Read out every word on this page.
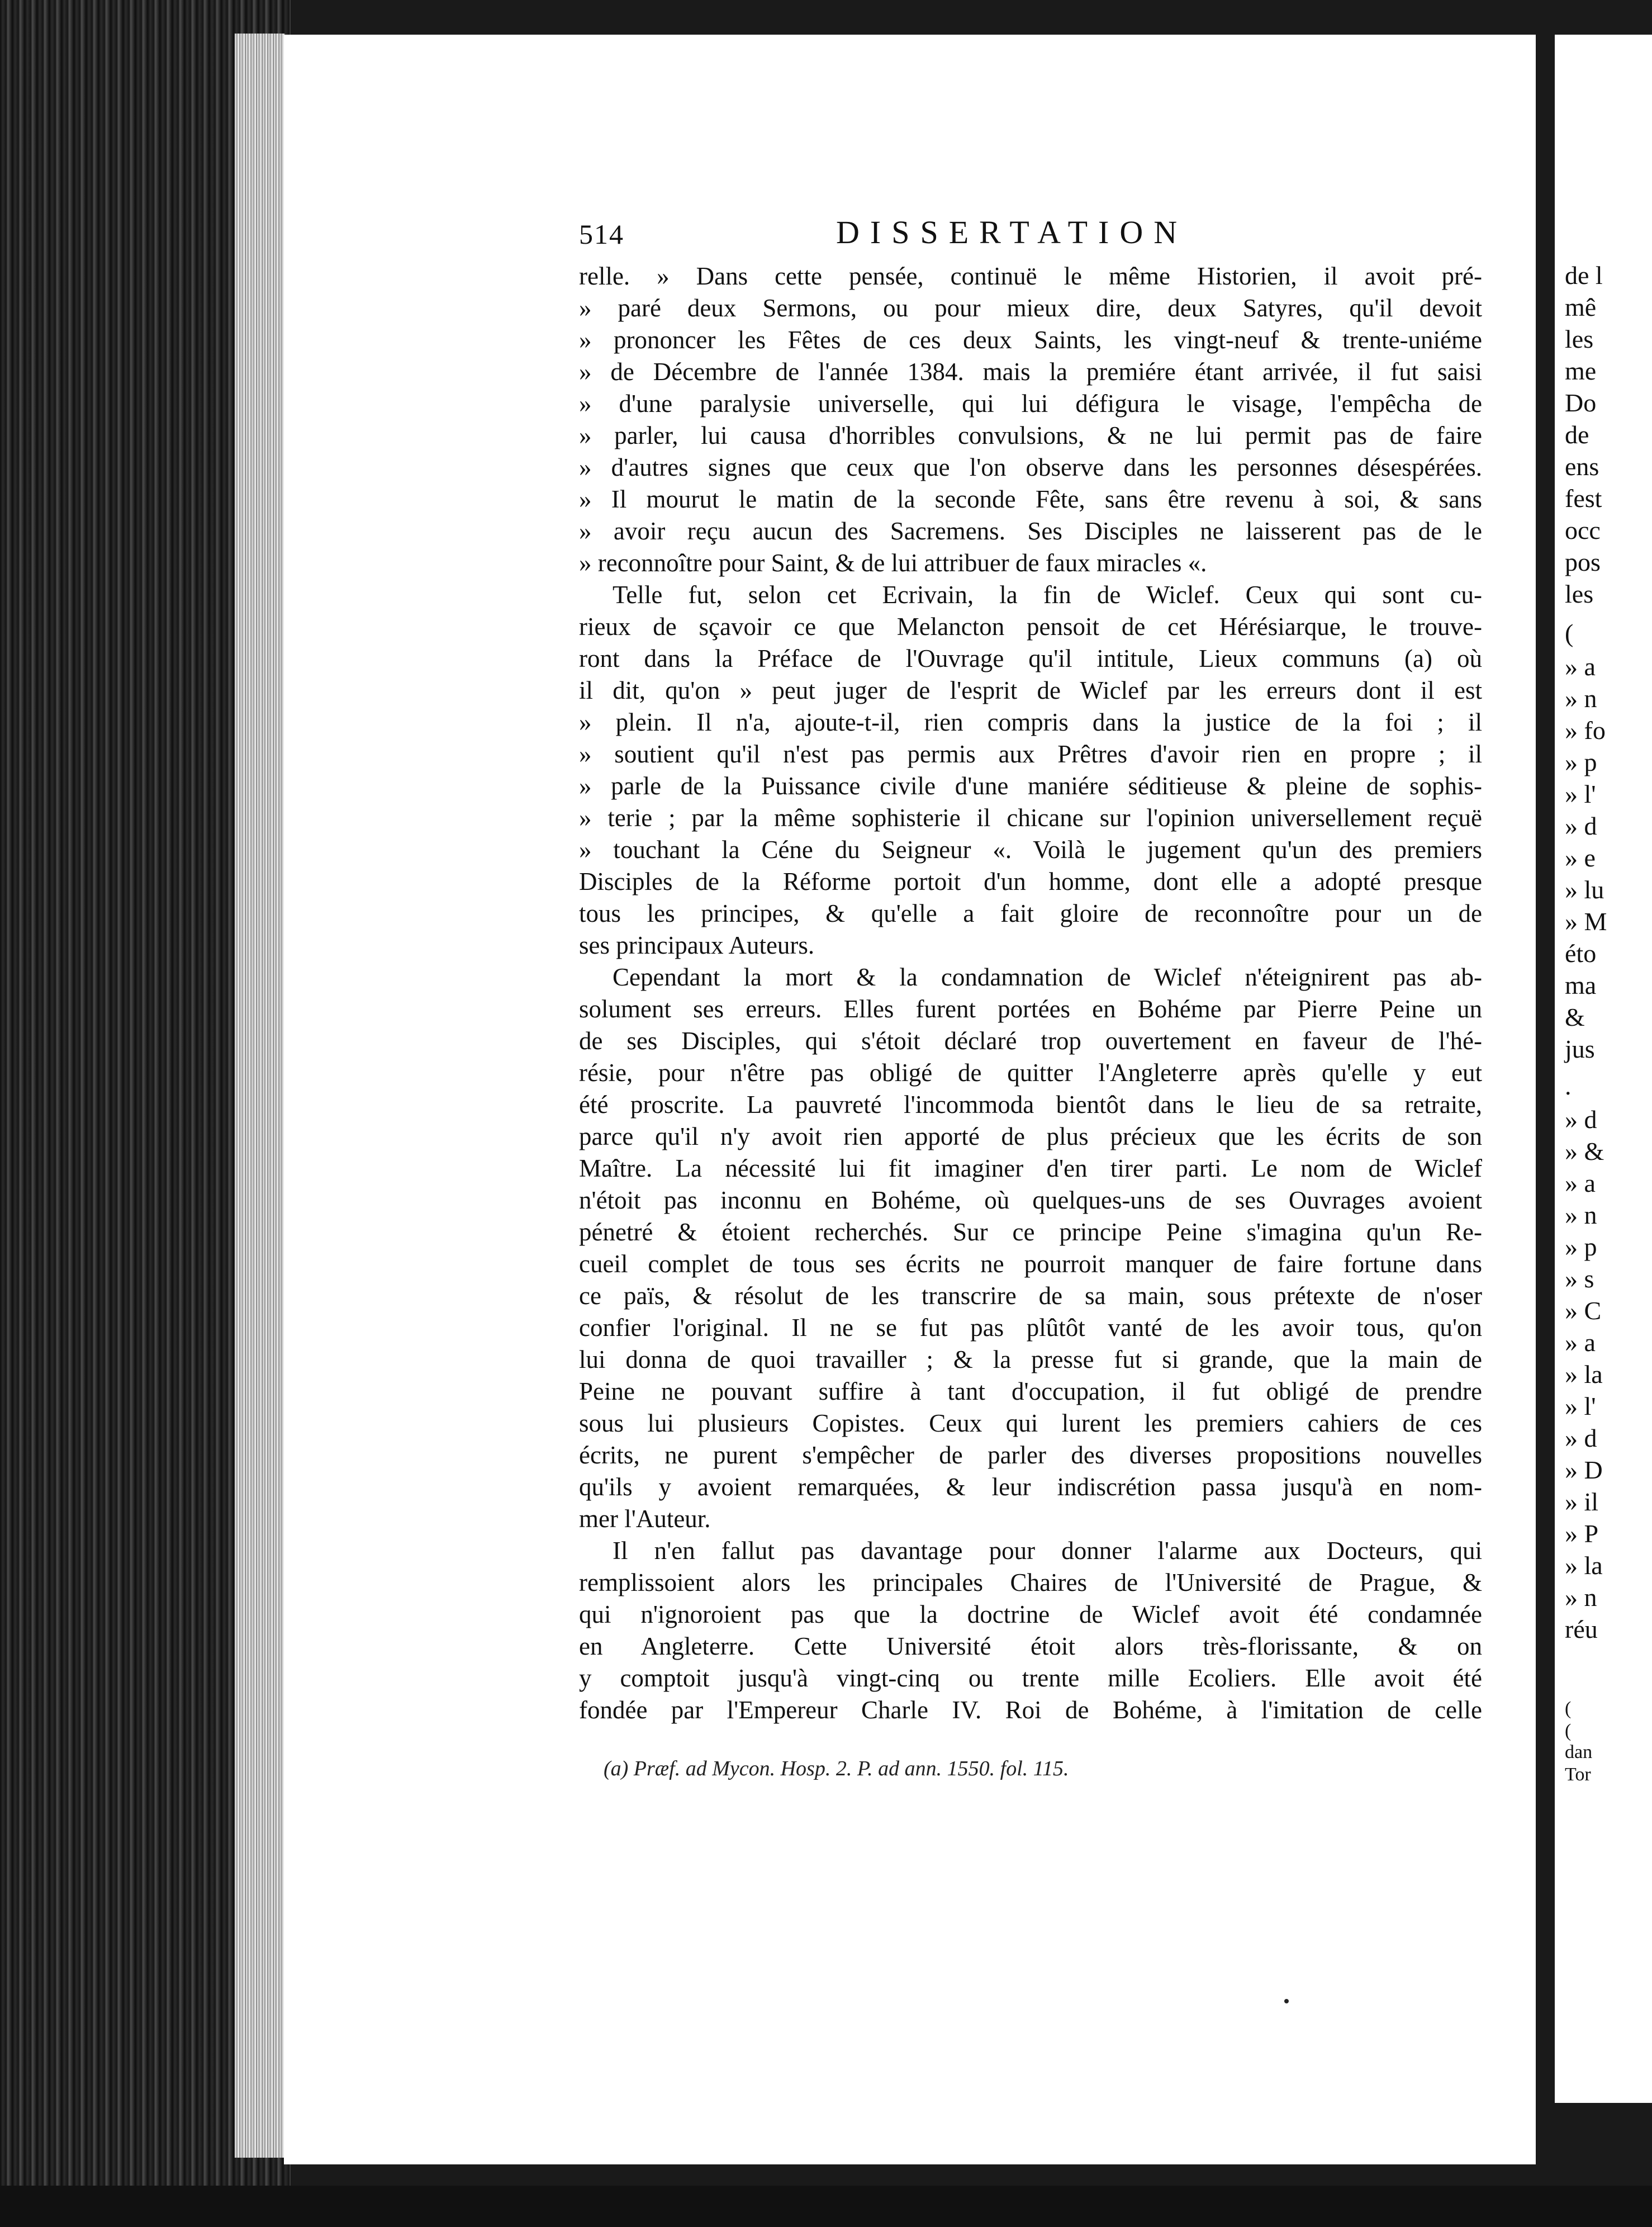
de l
mê
les
me
Do
de
ens
fest
occ
pos
les
(
» a
» n
» fo
» p
» l'
» d
» e
» lu
» M
éto
ma
&
jus
.
» d
» &
» a
» n
» p
» s
» C
» a
» la
» l'
» d
» D
» il
» P
» la
» n
réu
(
(
dan
Tor
514	DISSERTATION
relle. » Dans cette pensée, continuë le même Historien, il avoit pré-
» paré deux Sermons, ou pour mieux dire, deux Satyres, qu'il devoit
» prononcer les Fêtes de ces deux Saints, les vingt-neuf & trente-uniéme
» de Décembre de l'année 1384. mais la premiére étant arrivée, il fut saisi
» d'une paralysie universelle, qui lui défigura le visage, l'empêcha de
» parler, lui causa d'horribles convulsions, & ne lui permit pas de faire
» d'autres signes que ceux que l'on observe dans les personnes désespérées.
» Il mourut le matin de la seconde Fête, sans être revenu à soi, & sans
» avoir reçu aucun des Sacremens. Ses Disciples ne laisserent pas de le
» reconnoître pour Saint, & de lui attribuer de faux miracles «.
Telle fut, selon cet Ecrivain, la fin de Wiclef. Ceux qui sont cu-
rieux de sçavoir ce que Melancton pensoit de cet Hérésiarque, le trouve-
ront dans la Préface de l'Ouvrage qu'il intitule, Lieux communs (a) où
il dit, qu'on » peut juger de l'esprit de Wiclef par les erreurs dont il est
» plein. Il n'a, ajoute-t-il, rien compris dans la justice de la foi ; il
» soutient qu'il n'est pas permis aux Prêtres d'avoir rien en propre ; il
» parle de la Puissance civile d'une maniére séditieuse & pleine de sophis-
» terie ; par la même sophisterie il chicane sur l'opinion universellement reçuë
» touchant la Céne du Seigneur «. Voilà le jugement qu'un des premiers
Disciples de la Réforme portoit d'un homme, dont elle a adopté presque
tous les principes, & qu'elle a fait gloire de reconnoître pour un de
ses principaux Auteurs.
Cependant la mort & la condamnation de Wiclef n'éteignirent pas ab-
solument ses erreurs. Elles furent portées en Bohéme par Pierre Peine un
de ses Disciples, qui s'étoit déclaré trop ouvertement en faveur de l'hé-
résie, pour n'être pas obligé de quitter l'Angleterre après qu'elle y eut
été proscrite. La pauvreté l'incommoda bientôt dans le lieu de sa retraite,
parce qu'il n'y avoit rien apporté de plus précieux que les écrits de son
Maître. La nécessité lui fit imaginer d'en tirer parti. Le nom de Wiclef
n'étoit pas inconnu en Bohéme, où quelques-uns de ses Ouvrages avoient
pénetré & étoient recherchés. Sur ce principe Peine s'imagina qu'un Re-
cueil complet de tous ses écrits ne pourroit manquer de faire fortune dans
ce païs, & résolut de les transcrire de sa main, sous prétexte de n'oser
confier l'original. Il ne se fut pas plûtôt vanté de les avoir tous, qu'on
lui donna de quoi travailler ; & la presse fut si grande, que la main de
Peine ne pouvant suffire à tant d'occupation, il fut obligé de prendre
sous lui plusieurs Copistes. Ceux qui lurent les premiers cahiers de ces
écrits, ne purent s'empêcher de parler des diverses propositions nouvelles
qu'ils y avoient remarquées, & leur indiscrétion passa jusqu'à en nom-
mer l'Auteur.
Il n'en fallut pas davantage pour donner l'alarme aux Docteurs, qui
remplissoient alors les principales Chaires de l'Université de Prague, &
qui n'ignoroient pas que la doctrine de Wiclef avoit été condamnée
en Angleterre. Cette Université étoit alors très-florissante, & on
y comptoit jusqu'à vingt-cinq ou trente mille Ecoliers. Elle avoit été
fondée par l'Empereur Charle IV. Roi de Bohéme, à l'imitation de celle
(a) Præf. ad Mycon. Hosp. 2. P. ad ann. 1550. fol. 115.
